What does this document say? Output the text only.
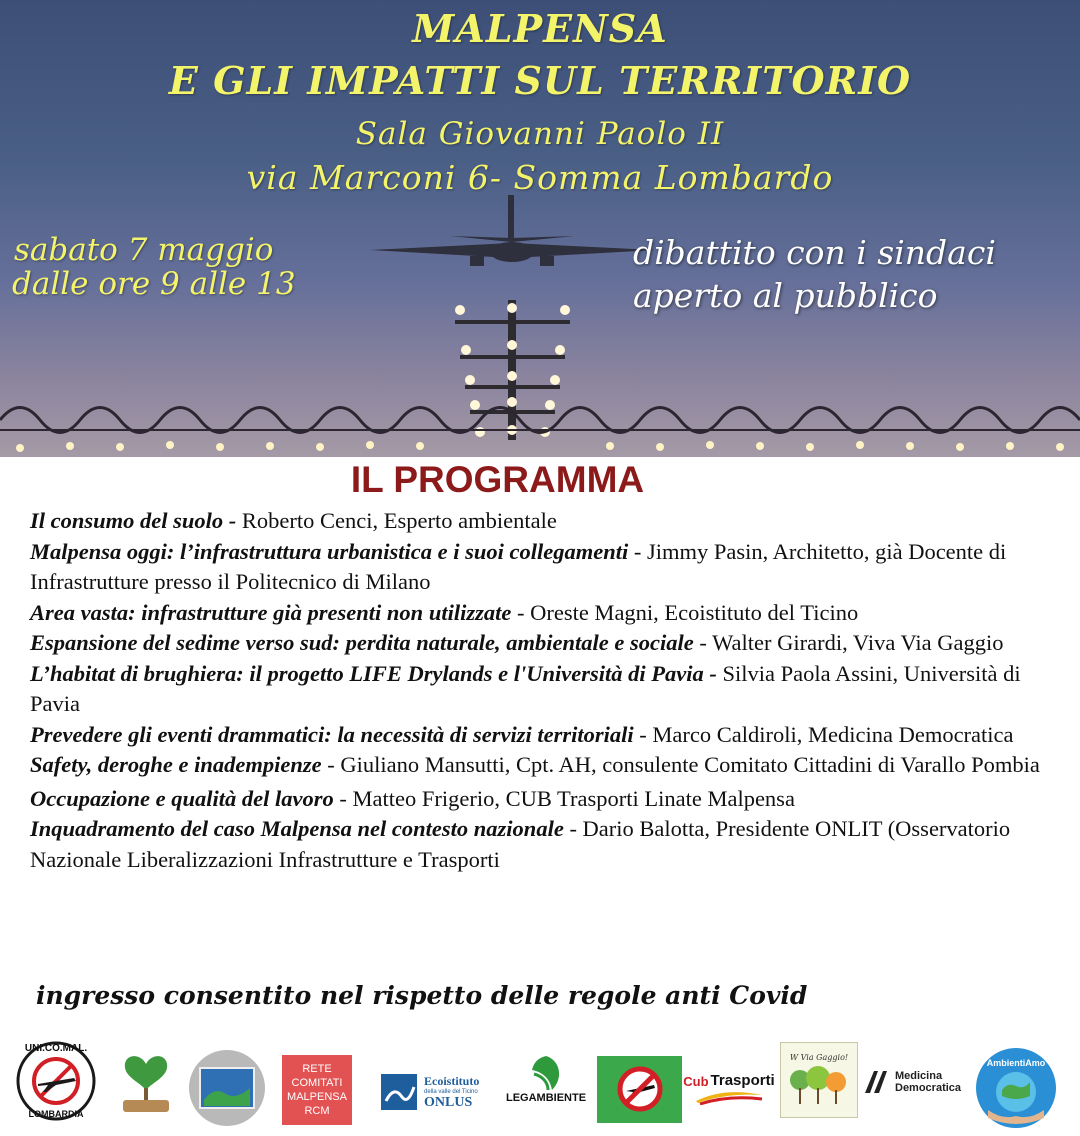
MALPENSA
E GLI IMPATTI SUL TERRITORIO
Sala Giovanni Paolo II
via Marconi 6- Somma Lombardo
sabato 7 maggio
dalle ore 9 alle 13
dibattito con i sindaci
aperto al pubblico
IL PROGRAMMA

Il consumo del suolo - Roberto Cenci, Esperto ambientale

Malpensa oggi: l’infrastruttura urbanistica e i suoi collegamenti - Jimmy Pasin, Architetto, già Docente di Infrastrutture presso il Politecnico di Milano

Area vasta: infrastrutture già presenti non utilizzate - Oreste Magni, Ecoistituto del Ticino

Espansione del sedime verso sud: perdita naturale, ambientale e sociale - Walter Girardi, Viva Via Gaggio

L’habitat di brughiera: il progetto LIFE Drylands e l'Università di Pavia - Silvia Paola Assini, Università di Pavia

Prevedere gli eventi drammatici: la necessità di servizi territoriali - Marco Caldiroli, Medicina Democratica

Safety, deroghe e inadempienze - Giuliano Mansutti, Cpt. AH, consulente Comitato Cittadini di Varallo Pombia

Occupazione e qualità del lavoro - Matteo Frigerio, CUB Trasporti Linate Malpensa

Inquadramento del caso Malpensa nel contesto nazionale - Dario Balotta, Presidente ONLIT (Osservatorio Nazionale Liberalizzazioni Infrastrutture e Trasporti

ingresso consentito nel rispetto delle regole anti Covid
UNI.CO.MAL.
LOMBARDIA
RETE
COMITATI
MALPENSA
RCM
Ecoistituto
della valle del Ticino
ONLUS	LEGAMBIENTE
Cub Trasporti
W Via Gaggio!
Medicina
Democratica
AmbientiAmo
